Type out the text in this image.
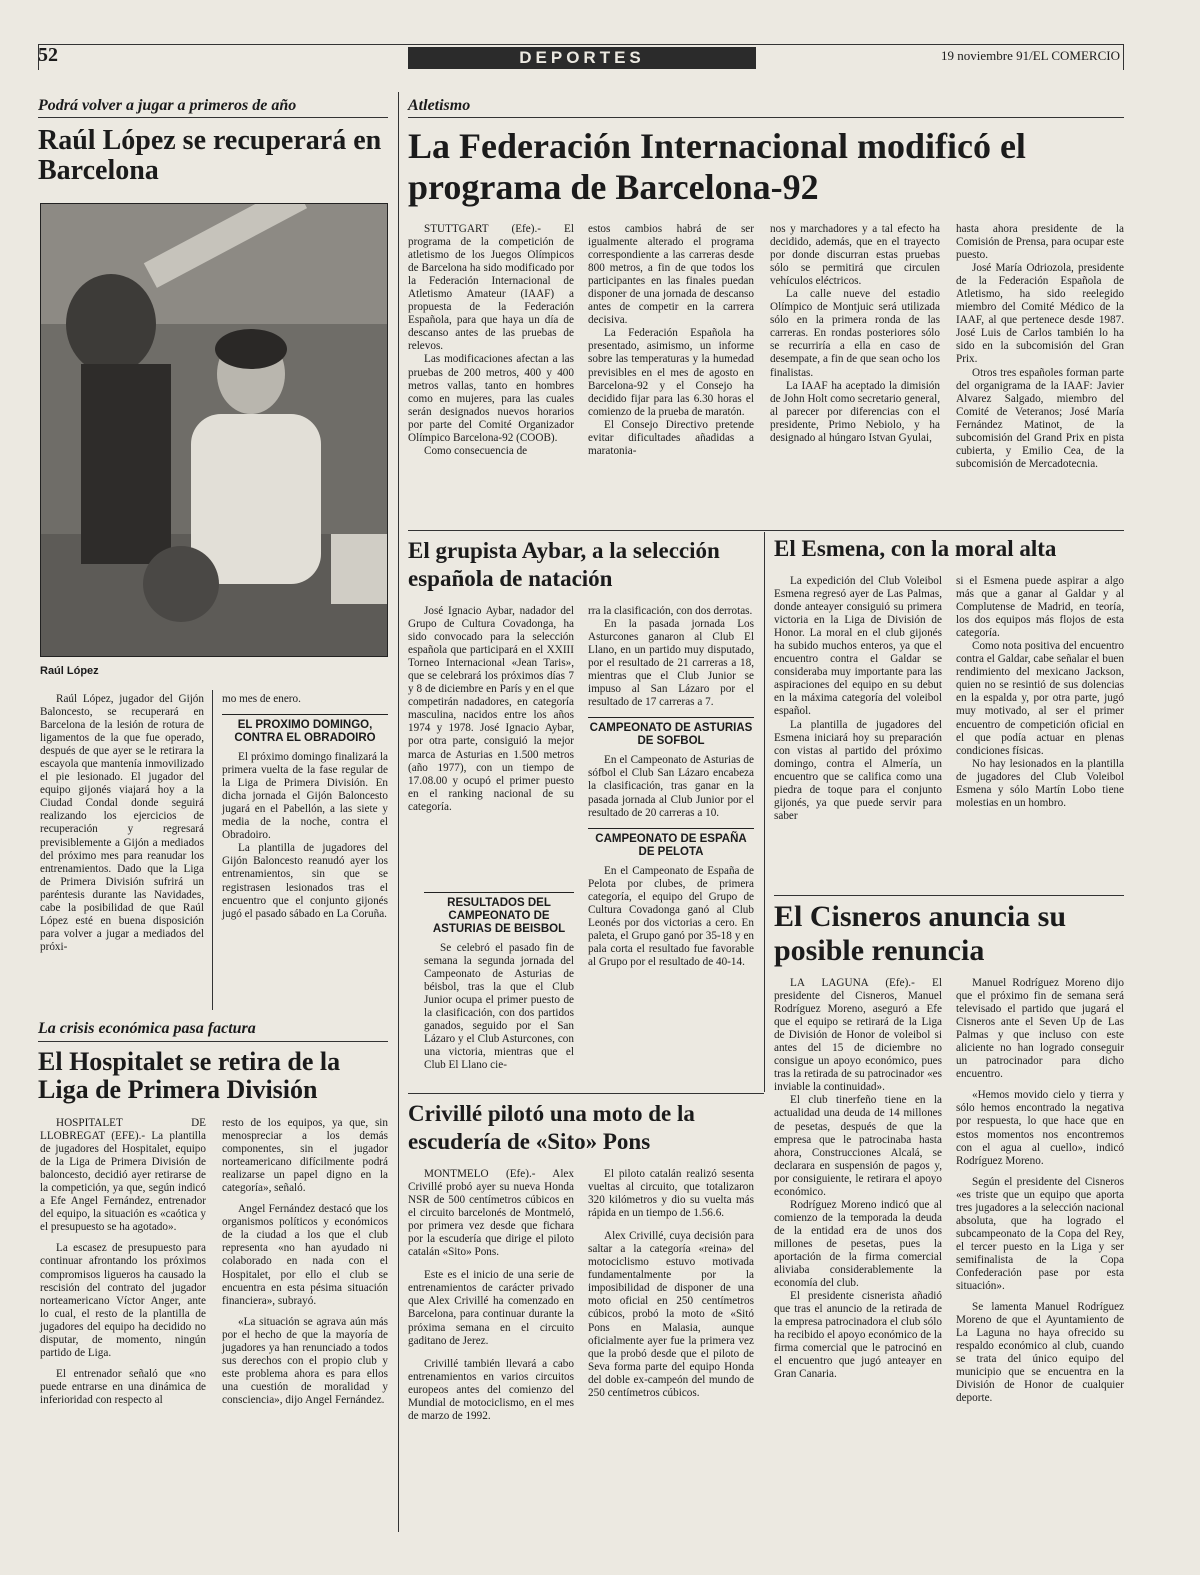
52	DEPORTES	19 noviembre 91/EL COMERCIO
Podrá volver a jugar a primeros de año
Raúl López se recuperará en Barcelona
Raúl López

Raúl López, jugador del Gijón Baloncesto, se recuperará en Barcelona de la lesión de rotura de ligamentos de la que fue operado, después de que ayer se le retirara la escayola que mantenía inmovilizado el pie lesionado. El jugador del equipo gijonés viajará hoy a la Ciudad Condal donde seguirá realizando los ejercicios de recuperación y regresará previsiblemente a Gijón a mediados del próximo mes para reanudar los entrenamientos. Dado que la Liga de Primera División sufrirá un paréntesis durante las Navidades, cabe la posibilidad de que Raúl López esté en buena disposición para volver a jugar a mediados del próxi-

mo mes de enero.

EL PROXIMO DOMINGO, CONTRA EL OBRADOIRO

El próximo domingo finalizará la primera vuelta de la fase regular de la Liga de Primera División. En dicha jornada el Gijón Baloncesto jugará en el Pabellón, a las siete y media de la noche, contra el Obradoiro.

La plantilla de jugadores del Gijón Baloncesto reanudó ayer los entrenamientos, sin que se registrasen lesionados tras el encuentro que el conjunto gijonés jugó el pasado sábado en La Coruña.

La crisis económica pasa factura
El Hospitalet se retira de la Liga de Primera División

HOSPITALET DE LLOBREGAT (EFE).- La plantilla de jugadores del Hospitalet, equipo de la Liga de Primera División de baloncesto, decidió ayer retirarse de la competición, ya que, según indicó a Efe Angel Fernández, entrenador del equipo, la situación es «caótica y el presupuesto se ha agotado».

La escasez de presupuesto para continuar afrontando los próximos compromisos ligueros ha causado la rescisión del contrato del jugador norteamericano Víctor Anger, ante lo cual, el resto de la plantilla de jugadores del equipo ha decidido no disputar, de momento, ningún partido de Liga.

El entrenador señaló que «no puede entrarse en una dinámica de inferioridad con respecto al

resto de los equipos, ya que, sin menospreciar a los demás componentes, sin el jugador norteamericano difícilmente podrá realizarse un papel digno en la categoría», señaló.

Angel Fernández destacó que los organismos políticos y económicos de la ciudad a los que el club representa «no han ayudado ni colaborado en nada con el Hospitalet, por ello el club se encuentra en esta pésima situación financiera», subrayó.

«La situación se agrava aún más por el hecho de que la mayoría de jugadores ya han renunciado a todos sus derechos con el propio club y este problema ahora es para ellos una cuestión de moralidad y consciencia», dijo Angel Fernández.

Atletismo
La Federación Internacional modificó el programa de Barcelona-92

STUTTGART (Efe).- El programa de la competición de atletismo de los Juegos Olímpicos de Barcelona ha sido modificado por la Federación Internacional de Atletismo Amateur (IAAF) a propuesta de la Federación Española, para que haya un día de descanso antes de las pruebas de relevos.

Las modificaciones afectan a las pruebas de 200 metros, 400 y 400 metros vallas, tanto en hombres como en mujeres, para las cuales serán designados nuevos horarios por parte del Comité Organizador Olímpico Barcelona-92 (COOB).

Como consecuencia de

estos cambios habrá de ser igualmente alterado el programa correspondiente a las carreras desde 800 metros, a fin de que todos los participantes en las finales puedan disponer de una jornada de descanso antes de competir en la carrera decisiva.

La Federación Española ha presentado, asimismo, un informe sobre las temperaturas y la humedad previsibles en el mes de agosto en Barcelona-92 y el Consejo ha decidido fijar para las 6.30 horas el comienzo de la prueba de maratón.

El Consejo Directivo pretende evitar dificultades añadidas a maratonia-

nos y marchadores y a tal efecto ha decidido, además, que en el trayecto por donde discurran estas pruebas sólo se permitirá que circulen vehículos eléctricos.

La calle nueve del estadio Olímpico de Montjuic será utilizada sólo en la primera ronda de las carreras. En rondas posteriores sólo se recurriría a ella en caso de desempate, a fin de que sean ocho los finalistas.

La IAAF ha aceptado la dimisión de John Holt como secretario general, al parecer por diferencias con el presidente, Primo Nebiolo, y ha designado al húngaro Istvan Gyulai,

hasta ahora presidente de la Comisión de Prensa, para ocupar este puesto.

José María Odriozola, presidente de la Federación Española de Atletismo, ha sido reelegido miembro del Comité Médico de la IAAF, al que pertenece desde 1987. José Luis de Carlos también lo ha sido en la subcomisión del Gran Prix.

Otros tres españoles forman parte del organigrama de la IAAF: Javier Alvarez Salgado, miembro del Comité de Veteranos; José María Fernández Matinot, de la subcomisión del Grand Prix en pista cubierta, y Emilio Cea, de la subcomisión de Mercadotecnia.

El grupista Aybar, a la selección española de natación

José Ignacio Aybar, nadador del Grupo de Cultura Covadonga, ha sido convocado para la selección española que participará en el XXIII Torneo Internacional «Jean Taris», que se celebrará los próximos días 7 y 8 de diciembre en París y en el que competirán nadadores, en categoría masculina, nacidos entre los años 1974 y 1978. José Ignacio Aybar, por otra parte, consiguió la mejor marca de Asturias en 1.500 metros (año 1977), con un tiempo de 17.08.00 y ocupó el primer puesto en el ranking nacional de su categoría.

RESULTADOS DEL CAMPEONATO DE ASTURIAS DE BEISBOL

Se celebró el pasado fin de semana la segunda jornada del Campeonato de Asturias de béisbol, tras la que el Club Junior ocupa el primer puesto de la clasificación, con dos partidos ganados, seguido por el San Lázaro y el Club Asturcones, con una victoria, mientras que el Club El Llano cie-

rra la clasificación, con dos derrotas.

En la pasada jornada Los Asturcones ganaron al Club El Llano, en un partido muy disputado, por el resultado de 21 carreras a 18, mientras que el Club Junior se impuso al San Lázaro por el resultado de 17 carreras a 7.

CAMPEONATO DE ASTURIAS DE SOFBOL

En el Campeonato de Asturias de sófbol el Club San Lázaro encabeza la clasificación, tras ganar en la pasada jornada al Club Junior por el resultado de 20 carreras a 10.

CAMPEONATO DE ESPAÑA DE PELOTA

En el Campeonato de España de Pelota por clubes, de primera categoría, el equipo del Grupo de Cultura Covadonga ganó al Club Leonés por dos victorias a cero. En paleta, el Grupo ganó por 35-18 y en pala corta el resultado fue favorable al Grupo por el resultado de 40-14.

El Esmena, con la moral alta

La expedición del Club Voleibol Esmena regresó ayer de Las Palmas, donde anteayer consiguió su primera victoria en la Liga de División de Honor. La moral en el club gijonés ha subido muchos enteros, ya que el encuentro contra el Galdar se consideraba muy importante para las aspiraciones del equipo en su debut en la máxima categoría del voleibol español.

La plantilla de jugadores del Esmena iniciará hoy su preparación con vistas al partido del próximo domingo, contra el Almería, un encuentro que se califica como una piedra de toque para el conjunto gijonés, ya que puede servir para saber

si el Esmena puede aspirar a algo más que a ganar al Galdar y al Complutense de Madrid, en teoría, los dos equipos más flojos de esta categoría.

Como nota positiva del encuentro contra el Galdar, cabe señalar el buen rendimiento del mexicano Jackson, quien no se resintió de sus dolencias en la espalda y, por otra parte, jugó muy motivado, al ser el primer encuentro de competición oficial en el que podía actuar en plenas condiciones físicas.

No hay lesionados en la plantilla de jugadores del Club Voleibol Esmena y sólo Martín Lobo tiene molestias en un hombro.

El Cisneros anuncia su posible renuncia

LA LAGUNA (Efe).- El presidente del Cisneros, Manuel Rodríguez Moreno, aseguró a Efe que el equipo se retirará de la Liga de División de Honor de voleibol si antes del 15 de diciembre no consigue un apoyo económico, pues tras la retirada de su patrocinador «es inviable la continuidad».

El club tinerfeño tiene en la actualidad una deuda de 14 millones de pesetas, después de que la empresa que le patrocinaba hasta ahora, Construcciones Alcalá, se declarara en suspensión de pagos y, por consiguiente, le retirara el apoyo económico.

Rodríguez Moreno indicó que al comienzo de la temporada la deuda de la entidad era de unos dos millones de pesetas, pues la aportación de la firma comercial aliviaba considerablemente la economía del club.

El presidente cisnerista añadió que tras el anuncio de la retirada de la empresa patrocinadora el club sólo ha recibido el apoyo económico de la firma comercial que le patrocinó en el encuentro que jugó anteayer en Gran Canaria.

Manuel Rodríguez Moreno dijo que el próximo fin de semana será televisado el partido que jugará el Cisneros ante el Seven Up de Las Palmas y que incluso con este aliciente no han logrado conseguir un patrocinador para dicho encuentro.

«Hemos movido cielo y tierra y sólo hemos encontrado la negativa por respuesta, lo que hace que en estos momentos nos encontremos con el agua al cuello», indicó Rodríguez Moreno.

Según el presidente del Cisneros «es triste que un equipo que aporta tres jugadores a la selección nacional absoluta, que ha logrado el subcampeonato de la Copa del Rey, el tercer puesto en la Liga y ser semifinalista de la Copa Confederación pase por esta situación».

Se lamenta Manuel Rodríguez Moreno de que el Ayuntamiento de La Laguna no haya ofrecido su respaldo económico al club, cuando se trata del único equipo del municipio que se encuentra en la División de Honor de cualquier deporte.

Crivillé pilotó una moto de la escudería de «Sito» Pons

MONTMELO (Efe).- Alex Crivillé probó ayer su nueva Honda NSR de 500 centímetros cúbicos en el circuito barcelonés de Montmeló, por primera vez desde que fichara por la escudería que dirige el piloto catalán «Sito» Pons.

Este es el inicio de una serie de entrenamientos de carácter privado que Alex Crivillé ha comenzado en Barcelona, para continuar durante la próxima semana en el circuito gaditano de Jerez.

Crivillé también llevará a cabo entrenamientos en varios circuitos europeos antes del comienzo del Mundial de motociclismo, en el mes de marzo de 1992.

El piloto catalán realizó sesenta vueltas al circuito, que totalizaron 320 kilómetros y dio su vuelta más rápida en un tiempo de 1.56.6.

Alex Crivillé, cuya decisión para saltar a la categoría «reina» del motociclismo estuvo motivada fundamentalmente por la imposibilidad de disponer de una moto oficial en 250 centímetros cúbicos, probó la moto de «Sitó Pons en Malasia, aunque oficialmente ayer fue la primera vez que la probó desde que el piloto de Seva forma parte del equipo Honda del doble ex-campeón del mundo de 250 centímetros cúbicos.
